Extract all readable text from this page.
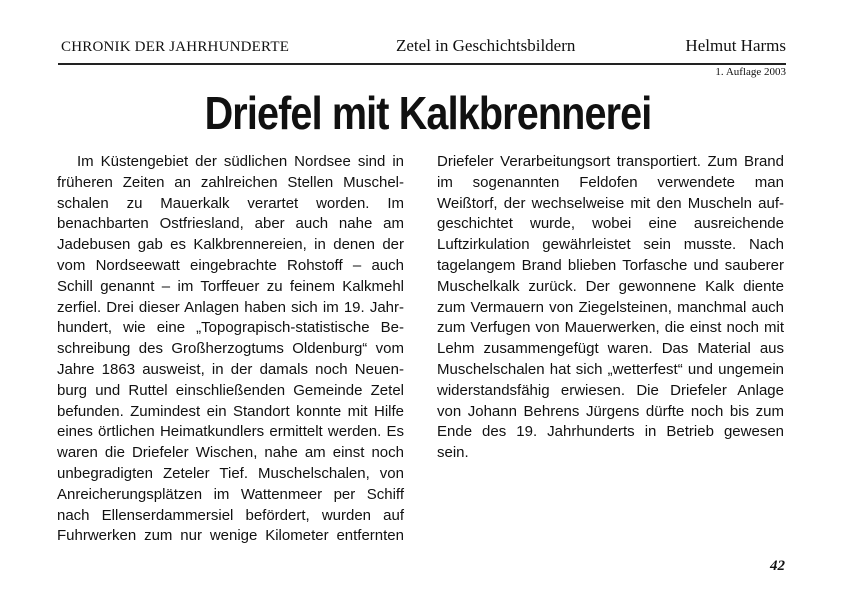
CHRONIK DER JAHRHUNDERTE	Zetel in Geschichtsbildern	Helmut Harms
1. Auflage 2003
Driefel mit Kalkbrennerei
Im Küstengebiet der südlichen Nordsee sind in
früheren Zeiten an zahlreichen Stellen Muschel-
schalen zu Mauerkalk verartet worden. Im
benachbarten Ostfriesland, aber auch nahe am
Jadebusen gab es Kalkbrennereien, in denen der
vom Nordseewatt eingebrachte Rohstoff – auch
Schill genannt – im Torffeuer zu feinem Kalkmehl
zerfiel. Drei dieser Anlagen haben sich im 19. Jahr-
hundert, wie eine „Topograpisch-statistische Be-
schreibung des Großherzogtums Oldenburg“ vom
Jahre 1863 ausweist, in der damals noch Neuen-
burg und Ruttel einschließenden Gemeinde Zetel
befunden. Zumindest ein Standort konnte mit Hilfe
eines örtlichen Heimatkundlers ermittelt werden. Es
waren die Driefeler Wischen, nahe am einst noch
unbegradigten Zeteler Tief. Muschelschalen, von
Anreicherungsplätzen im Wattenmeer per Schiff
nach Ellenserdammersiel befördert, wurden auf
Fuhrwerken zum nur wenige Kilometer entfernten
Driefeler Verarbeitungsort transportiert. Zum Brand
im sogenannten Feldofen verwendete man
Weißtorf, der wechselweise mit den Muscheln auf-
geschichtet wurde, wobei eine ausreichende
Luftzirkulation gewährleistet sein musste. Nach
tagelangem Brand blieben Torfasche und sauberer
Muschelkalk zurück. Der gewonnene Kalk diente
zum Vermauern von Ziegelsteinen, manchmal auch
zum Verfugen von Mauerwerken, die einst noch mit
Lehm zusammengefügt waren. Das Material aus
Muschelschalen hat sich „wetterfest“ und ungemein
widerstandsfähig erwiesen. Die Driefeler Anlage
von Johann Behrens Jürgens dürfte noch bis zum
Ende des 19. Jahrhunderts in Betrieb gewesen
sein.
42
